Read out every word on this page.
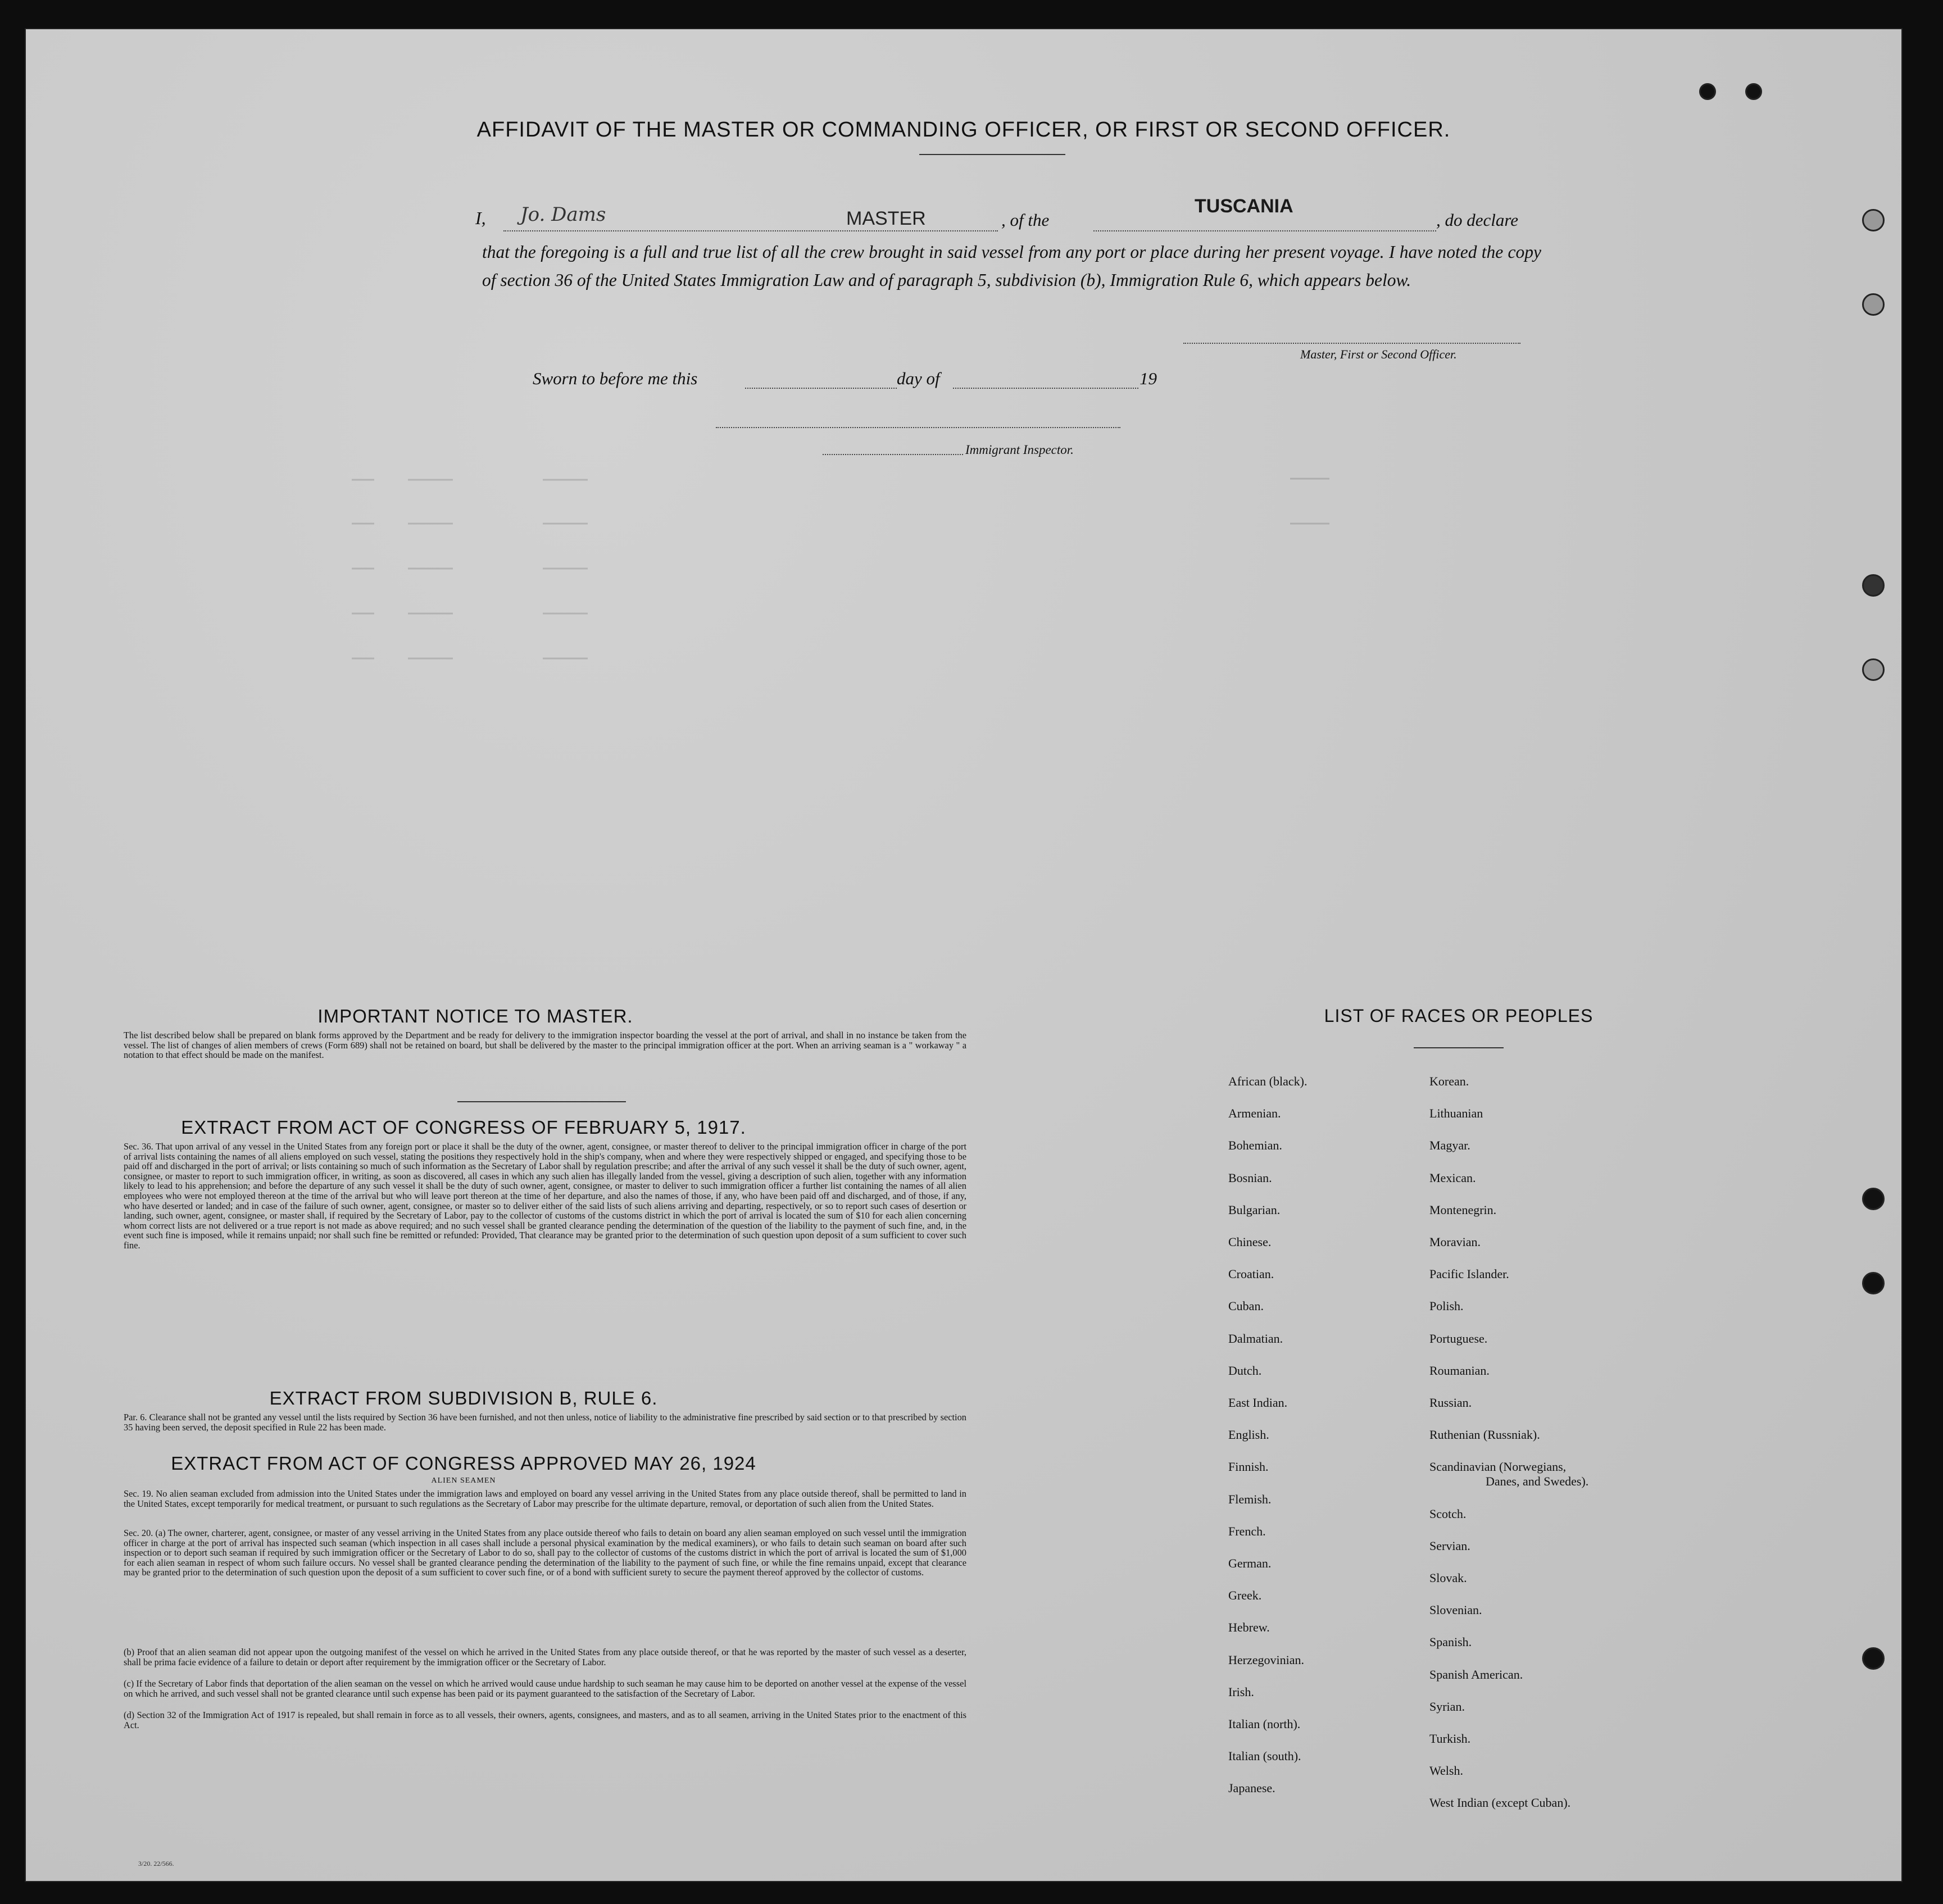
AFFIDAVIT OF THE MASTER OR COMMANDING OFFICER, OR FIRST OR SECOND OFFICER.
I, Jo. Dams	MASTER	, of the
TUSCANIA
, do declare
that the foregoing is a full and true list of all the crew brought in said vessel from any port or place during her present voyage. I have noted the copy of section 36 of the United States Immigration Law and of paragraph 5, subdivision (b), Immigration Rule 6, which appears below.
Master, First or Second Officer.
Sworn to before me this	day of	19
Immigrant Inspector.
IMPORTANT NOTICE TO MASTER.
The list described below shall be prepared on blank forms approved by the Department and be ready for delivery to the immigration inspector boarding the vessel at the port of arrival, and shall in no instance be taken from the vessel. The list of changes of alien members of crews (Form 689) shall not be retained on board, but shall be delivered by the master to the principal immigration officer at the port. When an arriving seaman is a " workaway " a notation to that effect should be made on the manifest.
EXTRACT FROM ACT OF CONGRESS OF FEBRUARY 5, 1917.
Sec. 36. That upon arrival of any vessel in the United States from any foreign port or place it shall be the duty of the owner, agent, consignee, or master thereof to deliver to the principal immigration officer in charge of the port of arrival lists containing the names of all aliens employed on such vessel, stating the positions they respectively hold in the ship's company, when and where they were respectively shipped or engaged, and specifying those to be paid off and discharged in the port of arrival; or lists containing so much of such information as the Secretary of Labor shall by regulation prescribe; and after the arrival of any such vessel it shall be the duty of such owner, agent, consignee, or master to report to such immigration officer, in writing, as soon as discovered, all cases in which any such alien has illegally landed from the vessel, giving a description of such alien, together with any information likely to lead to his apprehension; and before the departure of any such vessel it shall be the duty of such owner, agent, consignee, or master to deliver to such immigration officer a further list containing the names of all alien employees who were not employed thereon at the time of the arrival but who will leave port thereon at the time of her departure, and also the names of those, if any, who have been paid off and discharged, and of those, if any, who have deserted or landed; and in case of the failure of such owner, agent, consignee, or master so to deliver either of the said lists of such aliens arriving and departing, respectively, or so to report such cases of desertion or landing, such owner, agent, consignee, or master shall, if required by the Secretary of Labor, pay to the collector of customs of the customs district in which the port of arrival is located the sum of $10 for each alien concerning whom correct lists are not delivered or a true report is not made as above required; and no such vessel shall be granted clearance pending the determination of the question of the liability to the payment of such fine, and, in the event such fine is imposed, while it remains unpaid; nor shall such fine be remitted or refunded: Provided, That clearance may be granted prior to the determination of such question upon deposit of a sum sufficient to cover such fine.
EXTRACT FROM SUBDIVISION B, RULE 6.
Par. 6. Clearance shall not be granted any vessel until the lists required by Section 36 have been furnished, and not then unless, notice of liability to the administrative fine prescribed by said section or to that prescribed by section 35 having been served, the deposit specified in Rule 22 has been made.
EXTRACT FROM ACT OF CONGRESS APPROVED MAY 26, 1924
ALIEN SEAMEN
Sec. 19. No alien seaman excluded from admission into the United States under the immigration laws and employed on board any vessel arriving in the United States from any place outside thereof, shall be permitted to land in the United States, except temporarily for medical treatment, or pursuant to such regulations as the Secretary of Labor may prescribe for the ultimate departure, removal, or deportation of such alien from the United States.
Sec. 20. (a) The owner, charterer, agent, consignee, or master of any vessel arriving in the United States from any place outside thereof who fails to detain on board any alien seaman employed on such vessel until the immigration officer in charge at the port of arrival has inspected such seaman (which inspection in all cases shall include a personal physical examination by the medical examiners), or who fails to detain such seaman on board after such inspection or to deport such seaman if required by such immigration officer or the Secretary of Labor to do so, shall pay to the collector of customs of the customs district in which the port of arrival is located the sum of $1,000 for each alien seaman in respect of whom such failure occurs. No vessel shall be granted clearance pending the determination of the liability to the payment of such fine, or while the fine remains unpaid, except that clearance may be granted prior to the determination of such question upon the deposit of a sum sufficient to cover such fine, or of a bond with sufficient surety to secure the payment thereof approved by the collector of customs.
(b) Proof that an alien seaman did not appear upon the outgoing manifest of the vessel on which he arrived in the United States from any place outside thereof, or that he was reported by the master of such vessel as a deserter, shall be prima facie evidence of a failure to detain or deport after requirement by the immigration officer or the Secretary of Labor.
(c) If the Secretary of Labor finds that deportation of the alien seaman on the vessel on which he arrived would cause undue hardship to such seaman he may cause him to be deported on another vessel at the expense of the vessel on which he arrived, and such vessel shall not be granted clearance until such expense has been paid or its payment guaranteed to the satisfaction of the Secretary of Labor.
(d) Section 32 of the Immigration Act of 1917 is repealed, but shall remain in force as to all vessels, their owners, agents, consignees, and masters, and as to all seamen, arriving in the United States prior to the enactment of this Act.
LIST OF RACES OR PEOPLES
African (black).
Armenian.
Bohemian.
Bosnian.
Bulgarian.
Chinese.
Croatian.
Cuban.
Dalmatian.
Dutch.
East Indian.
English.
Finnish.
Flemish.
French.
German.
Greek.
Hebrew.
Herzegovinian.
Irish.
Italian (north).
Italian (south).
Japanese.
Korean.
Lithuanian
Magyar.
Mexican.
Montenegrin.
Moravian.
Pacific Islander.
Polish.
Portuguese.
Roumanian.
Russian.
Ruthenian (Russniak).
Scandinavian (Norwegians,
Danes, and Swedes).
Scotch.
Servian.
Slovak.
Slovenian.
Spanish.
Spanish American.
Syrian.
Turkish.
Welsh.
West Indian (except Cuban).
3/20. 22/566.
